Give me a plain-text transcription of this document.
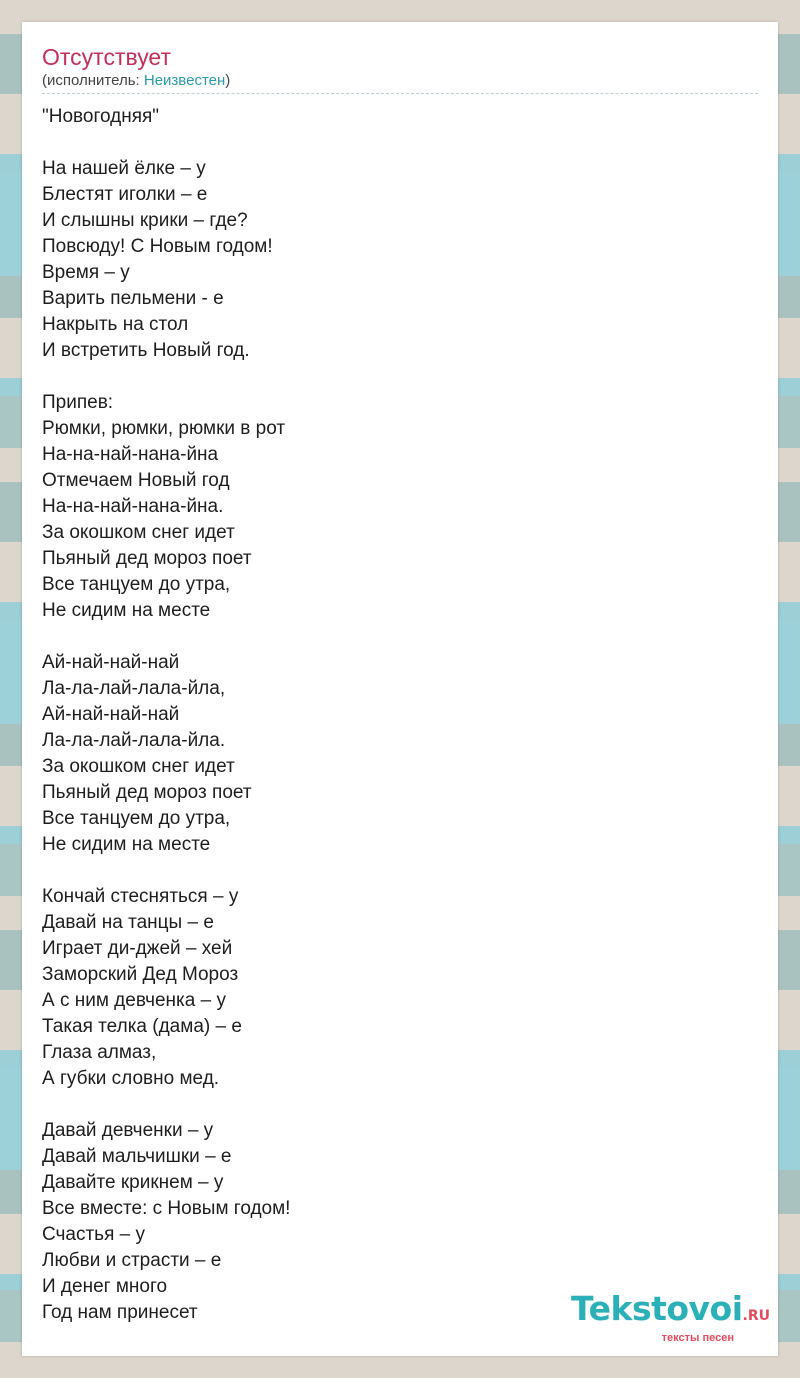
Отсутствует
(исполнитель: Неизвестен)
"Новогодняя"
На нашей ёлке – у
Блестят иголки – е
И слышны крики – где?
Повсюду! С Новым годом!
Время – у
Варить пельмени - е
Накрыть на стол
И встретить Новый год.
Припев:
Рюмки, рюмки, рюмки в рот
На-на-най-нана-йна
Отмечаем Новый год
На-на-най-нана-йна.
За окошком снег идет
Пьяный дед мороз поет
Все танцуем до утра,
Не сидим на месте
Ай-най-най-най
Ла-ла-лай-лала-йла,
Ай-най-най-най
Ла-ла-лай-лала-йла.
За окошком снег идет
Пьяный дед мороз поет
Все танцуем до утра,
Не сидим на месте
Кончай стесняться – у
Давай на танцы – е
Играет ди-джей – хей
Заморский Дед Мороз
А с ним девченка – у
Такая телка (дама) – е
Глаза алмаз,
А губки словно мед.
Давай девченки – у
Давай мальчишки – е
Давайте крикнем – у
Все вместе: с Новым годом!
Счастья – у
Любви и страсти – е
И денег много
Год нам принесет	Tekstovoi.RU
тексты песен
